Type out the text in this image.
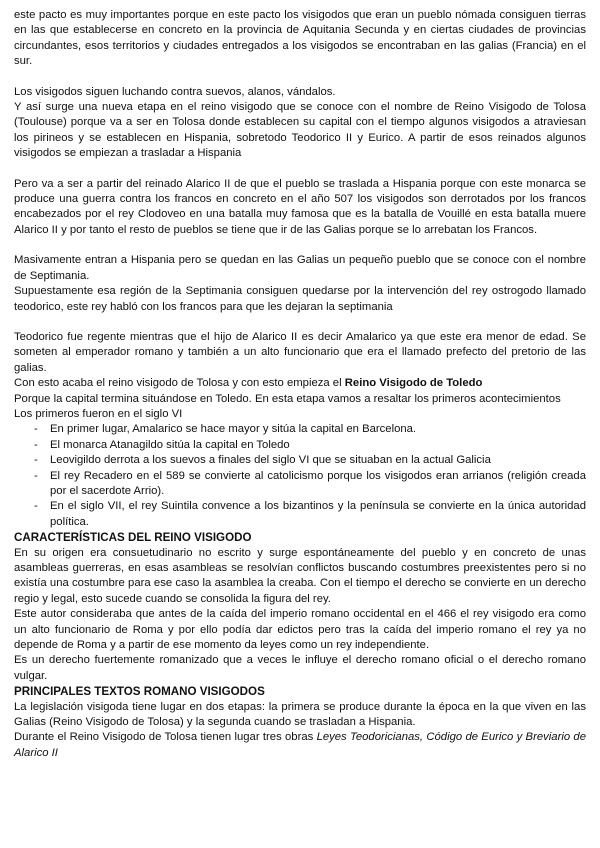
este pacto es muy importantes porque en este pacto los visigodos que eran un pueblo nómada consiguen tierras en las que establecerse en concreto en la provincia de Aquitania Secunda y en ciertas ciudades de provincias circundantes, esos territorios y ciudades entregados a los visigodos se encontraban en las galias (Francia) en el sur.

Los visigodos siguen luchando contra suevos, alanos, vándalos.

Y así surge una nueva etapa en el reino visigodo que se conoce con el nombre de Reino Visigodo de Tolosa (Toulouse) porque va a ser en Tolosa donde establecen su capital con el tiempo algunos visigodos a atraviesan los pirineos y se establecen en Hispania, sobretodo Teodorico II y Eurico. A partir de esos reinados algunos visigodos se empiezan a trasladar a Hispania

Pero va a ser a partir del reinado Alarico II de que el pueblo se traslada a Hispania porque con este monarca se produce una guerra contra los francos en concreto en el año 507 los visigodos son derrotados por los francos encabezados por el rey Clodoveo en una batalla muy famosa que es la batalla de Vouillé en esta batalla muere Alarico II y por tanto el resto de pueblos se tiene que ir de las Galias porque se lo arrebatan los Francos.

Masivamente entran a Hispania pero se quedan en las Galias un pequeño pueblo que se conoce con el nombre de Septimania.

Supuestamente esa región de la Septimania consiguen quedarse por la intervención del rey ostrogodo llamado teodorico, este rey habló con los francos para que les dejaran la septimania

Teodorico fue regente mientras que el hijo de Alarico II es decir Amalarico ya que este era menor de edad. Se someten al emperador romano y también a un alto funcionario que era el llamado prefecto del pretorio de las galias.

Con esto acaba el reino visigodo de Tolosa y con esto empieza el Reino Visigodo de Toledo

Porque la capital termina situándose en Toledo. En esta etapa vamos a resaltar los primeros acontecimientos

Los primeros fueron en el siglo VI

- En primer lugar, Amalarico se hace mayor y sitúa la capital en Barcelona.
- El monarca Atanagildo sitúa la capital en Toledo
- Leovigildo derrota a los suevos a finales del siglo VI que se situaban en la actual Galicia
- El rey Recadero en el 589 se convierte al catolicismo porque los visigodos eran arrianos (religión creada por el sacerdote Arrio).
- En el siglo VII, el rey Suintila convence a los bizantinos y la península se convierte en la única autoridad política.
CARACTERÍSTICAS DEL REINO VISIGODO

En su origen era consuetudinario no escrito y surge espontáneamente del pueblo y en concreto de unas asambleas guerreras, en esas asambleas se resolvían conflictos buscando costumbres preexistentes pero si no existía una costumbre para ese caso la asamblea la creaba. Con el tiempo el derecho se convierte en un derecho regio y legal, esto sucede cuando se consolida la figura del rey.

Este autor consideraba que antes de la caída del imperio romano occidental en el 466 el rey visigodo era como un alto funcionario de Roma y por ello podía dar edictos pero tras la caída del imperio romano el rey ya no depende de Roma y a partir de ese momento da leyes como un rey independiente.

Es un derecho fuertemente romanizado que a veces le influye el derecho romano oficial o el derecho romano vulgar.

PRINCIPALES TEXTOS ROMANO VISIGODOS

La legislación visigoda tiene lugar en dos etapas: la primera se produce durante la época en la que viven en las Galias (Reino Visigodo de Tolosa) y la segunda cuando se trasladan a Hispania.

Durante el Reino Visigodo de Tolosa tienen lugar tres obras Leyes Teodoricianas, Código de Eurico y Breviario de Alarico II
